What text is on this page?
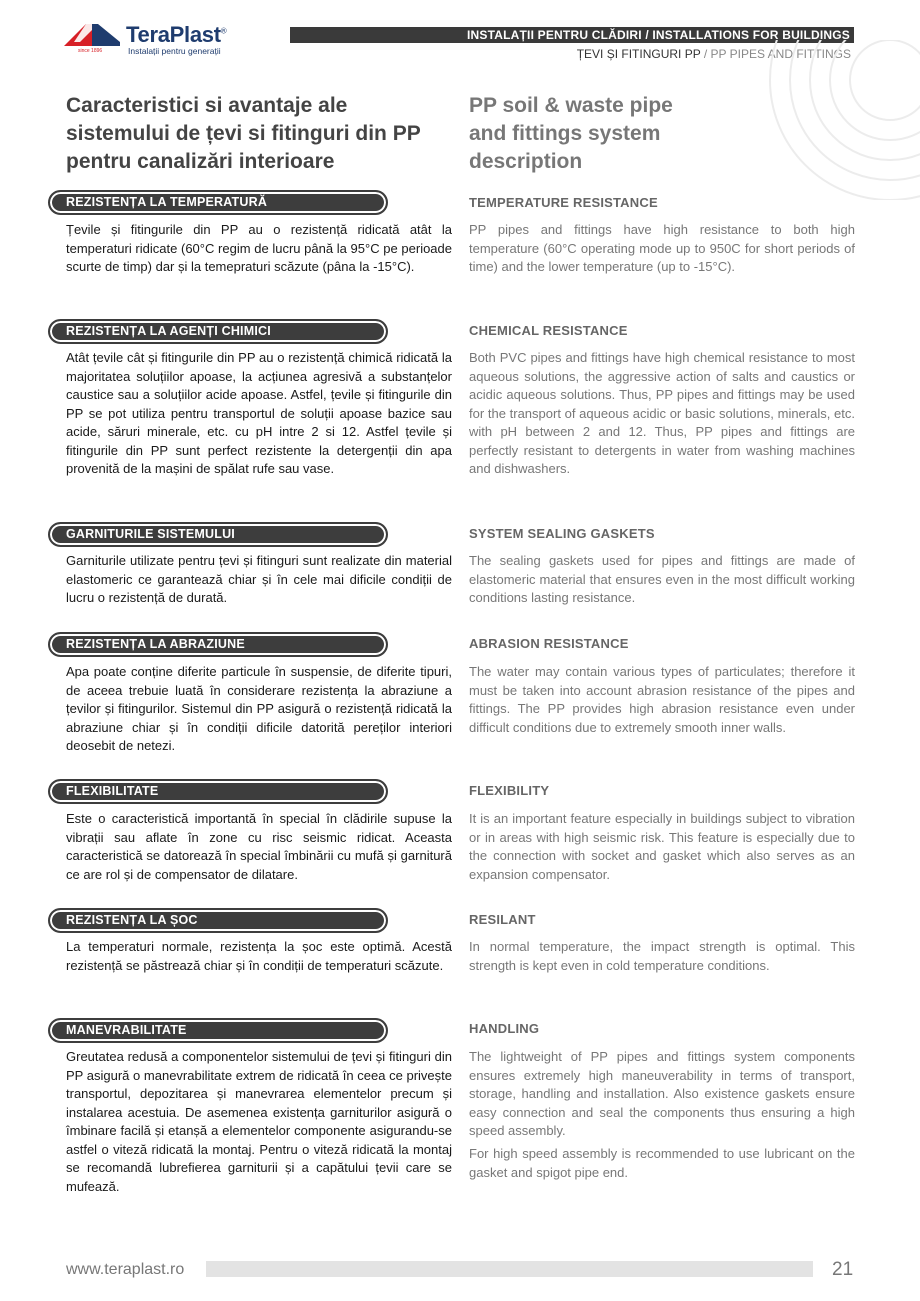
since 1896
TeraPlast®
Instalații pentru generații
INSTALAȚII PENTRU CLĂDIRI / INSTALLATIONS FOR BUILDINGS
ȚEVI ȘI FITINGURI PP / PP PIPES AND FITTINGS
Caracteristici si avantaje ale sistemului de țevi si fitinguri din PP pentru canalizări interioare
PP soil & waste pipe
and fittings system
description
REZISTENȚA LA TEMPERATURĂ
Țevile și fitingurile din PP au o rezistență ridicată atât la temperaturi ridicate (60°C regim de lucru până la 95°C pe perioade scurte de timp) dar și la temepraturi scăzute (pâna la -15°C).
TEMPERATURE RESISTANCE
PP pipes and fittings have high resistance to both high temperature (60°C operating mode up to 950C for short periods of time) and the lower temperature (up to -15°C).
REZISTENȚA LA AGENȚI CHIMICI
Atât țevile cât și fitingurile din PP au o rezistență chimică ridicată la majoritatea soluțiilor apoase, la acțiunea agresivă a substanțelor caustice sau a soluțiilor acide apoase. Astfel, țevile și fitingurile din PP se pot utiliza pentru transportul de soluții apoase bazice sau acide, săruri minerale, etc. cu pH intre 2 si 12. Astfel țevile și fitingurile din PP sunt perfect rezistente la detergenții din apa provenită de la mașini de spălat rufe sau vase.
CHEMICAL RESISTANCE
Both PVC pipes and fittings have high chemical resistance to most aqueous solutions, the aggressive action of salts and caustics or acidic aqueous solutions. Thus, PP pipes and fittings may be used for the transport of aqueous acidic or basic solutions, minerals, etc. with pH between 2 and 12. Thus, PP pipes and fittings are perfectly resistant to detergents in water from washing machines and dishwashers.
GARNITURILE SISTEMULUI
Garniturile utilizate pentru țevi și fitinguri sunt realizate din material elastomeric ce garantează chiar și în cele mai dificile condiții de lucru o rezistență de durată.
SYSTEM SEALING GASKETS
The sealing gaskets used for pipes and fittings are made of elastomeric material that ensures even in the most difficult working conditions lasting resistance.
REZISTENȚA LA ABRAZIUNE
Apa poate conține diferite particule în suspensie, de diferite tipuri, de aceea trebuie luată în considerare rezistența la abraziune a țevilor și fitingurilor. Sistemul din PP asigură o rezistență ridicată la abraziune chiar și în condiții dificile datorită pereților interiori deosebit de netezi.
ABRASION RESISTANCE
The water may contain various types of particulates; therefore it must be taken into account abrasion resistance of the pipes and fittings. The PP provides high abrasion resistance even under difficult conditions due to extremely smooth inner walls.
FLEXIBILITATE
Este o caracteristică importantă în special în clădirile supuse la vibrații sau aflate în zone cu risc seismic ridicat. Aceasta caracteristică se datorează în special îmbinării cu mufă și garnitură ce are rol și de compensator de dilatare.
FLEXIBILITY
It is an important feature especially in buildings subject to vibration or in areas with high seismic risk. This feature is especially due to the connection with socket and gasket which also serves as an expansion compensator.
REZISTENȚA LA ȘOC
La temperaturi normale, rezistența la șoc este optimă. Acestă rezistență se păstrează chiar și în condiții de temperaturi scăzute.
RESILANT
In normal temperature, the impact strength is optimal. This strength is kept even in cold temperature conditions.
MANEVRABILITATE
Greutatea redusă a componentelor sistemului de țevi și fitinguri din PP asigură o manevrabilitate extrem de ridicată în ceea ce privește transportul, depozitarea și manevrarea elementelor precum și instalarea acestuia. De asemenea existența garniturilor asigură o îmbinare facilă și etanșă a elementelor componente asigurandu-se astfel o viteză ridicată la montaj. Pentru o viteză ridicată la montaj se recomandă lubrefierea garniturii și a capătului țevii care se mufează.
HANDLING
The lightweight of PP pipes and fittings system components ensures extremely high maneuverability in terms of transport, storage, handling and installation. Also existence gaskets ensure easy connection and seal the components thus ensuring a high speed assembly.
For high speed assembly is recommended to use lubricant on the gasket and spigot pipe end.
www.teraplast.ro	21
